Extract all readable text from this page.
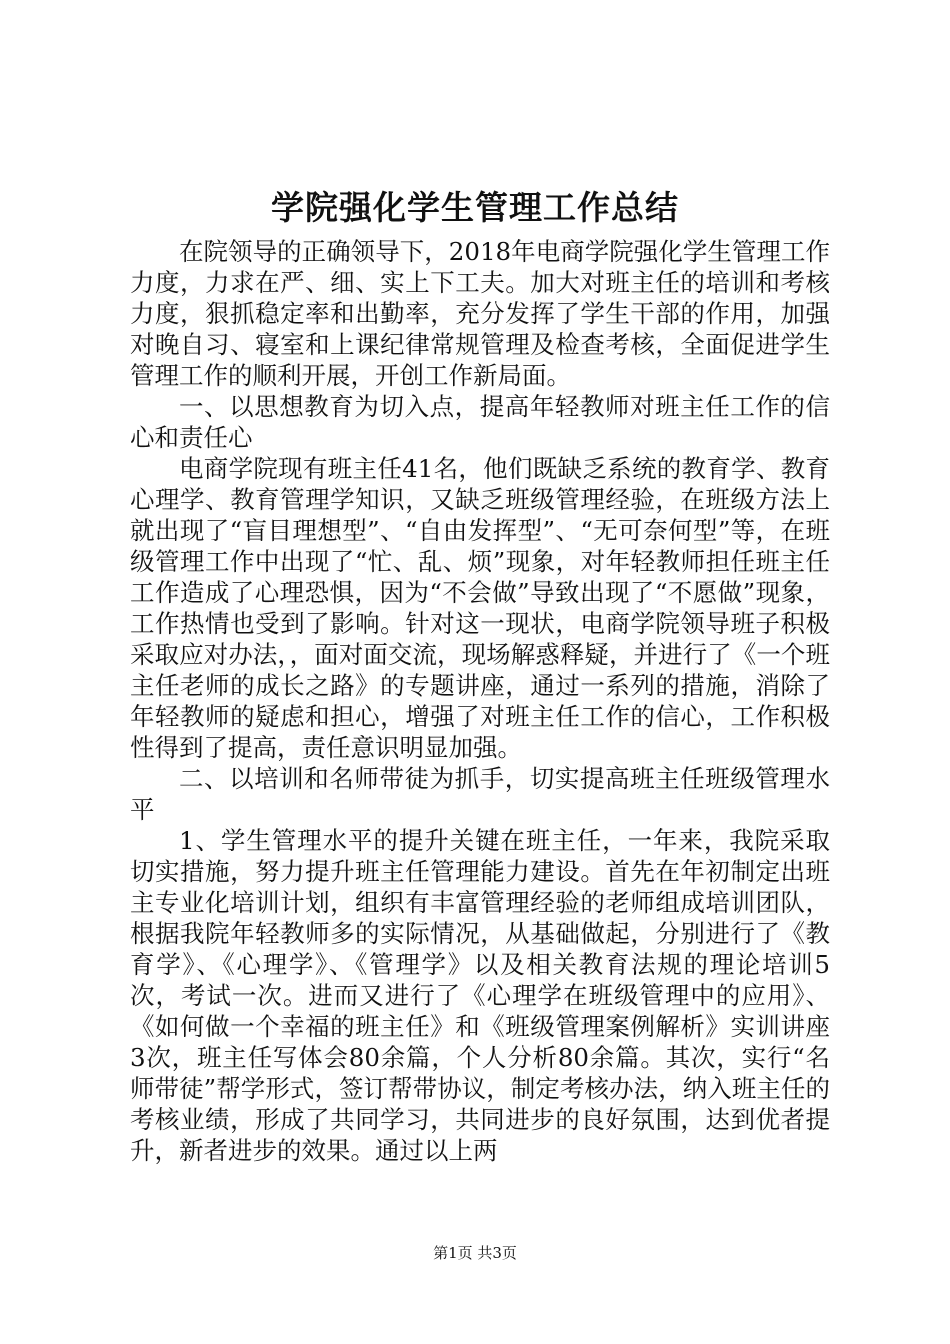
学院强化学生管理工作总结

在院领导的正确领导下，2018年电商学院强化学生管理工作力度，力求在严、细、实上下工夫。加大对班主任的培训和考核力度，狠抓稳定率和出勤率，充分发挥了学生干部的作用，加强对晚自习、寝室和上课纪律常规管理及检查考核，全面促进学生管理工作的顺利开展，开创工作新局面。

一、以思想教育为切入点，提高年轻教师对班主任工作的信心和责任心

电商学院现有班主任41名，他们既缺乏系统的教育学、教育心理学、教育管理学知识，又缺乏班级管理经验，在班级方法上就出现了“盲目理想型”、“自由发挥型”、“无可奈何型”等，在班级管理工作中出现了“忙、乱、烦”现象，对年轻教师担任班主任工作造成了心理恐惧，因为“不会做”导致出现了“不愿做”现象，工作热情也受到了影响。针对这一现状，电商学院领导班子积极采取应对办法，，面对面交流，现场解惑释疑，并进行了《一个班主任老师的成长之路》的专题讲座，通过一系列的措施，消除了年轻教师的疑虑和担心，增强了对班主任工作的信心，工作积极性得到了提高，责任意识明显加强。

二、以培训和名师带徒为抓手，切实提高班主任班级管理水平

1、学生管理水平的提升关键在班主任，一年来，我院采取切实措施，努力提升班主任管理能力建设。首先在年初制定出班主专业化培训计划，组织有丰富管理经验的老师组成培训团队，根据我院年轻教师多的实际情况，从基础做起，分别进行了《教育学》、《心理学》、《管理学》以及相关教育法规的理论培训5次，考试一次。进而又进行了《心理学在班级管理中的应用》、《如何做一个幸福的班主任》和《班级管理案例解析》实训讲座3次，班主任写体会80余篇，个人分析80余篇。其次，实行“名师带徒”帮学形式，签订帮带协议，制定考核办法，纳入班主任的考核业绩，形成了共同学习，共同进步的良好氛围，达到优者提升，新者进步的效果。通过以上两

第1页 共3页
